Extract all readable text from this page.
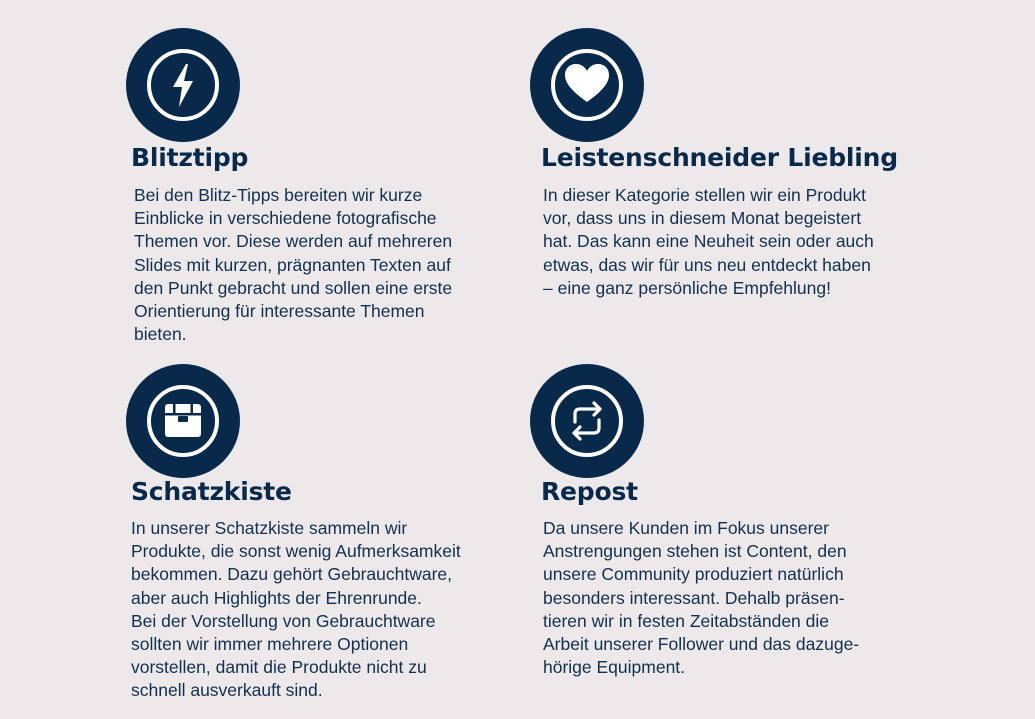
Blitztipp

Bei den Blitz-Tipps bereiten wir kurze
Einblicke in verschiedene fotografische
Themen vor. Diese werden auf mehreren
Slides mit kurzen, prägnanten Texten auf
den Punkt gebracht und sollen eine erste
Orientierung für interessante Themen
bieten.

Leistenschneider Liebling

In dieser Kategorie stellen wir ein Produkt
vor, dass uns in diesem Monat begeistert
hat. Das kann eine Neuheit sein oder auch
etwas, das wir für uns neu entdeckt haben
– eine ganz persönliche Empfehlung!

Schatzkiste

In unserer Schatzkiste sammeln wir
Produkte, die sonst wenig Aufmerksamkeit
bekommen. Dazu gehört Gebrauchtware,
aber auch Highlights der Ehrenrunde.
Bei der Vorstellung von Gebrauchtware
sollten wir immer mehrere Optionen
vorstellen, damit die Produkte nicht zu
schnell ausverkauft sind.

Repost

Da unsere Kunden im Fokus unserer
Anstrengungen stehen ist Content, den
unsere Community produziert natürlich
besonders interessant. Dehalb präsen-
tieren wir in festen Zeitabständen die
Arbeit unserer Follower und das dazuge-
hörige Equipment.
